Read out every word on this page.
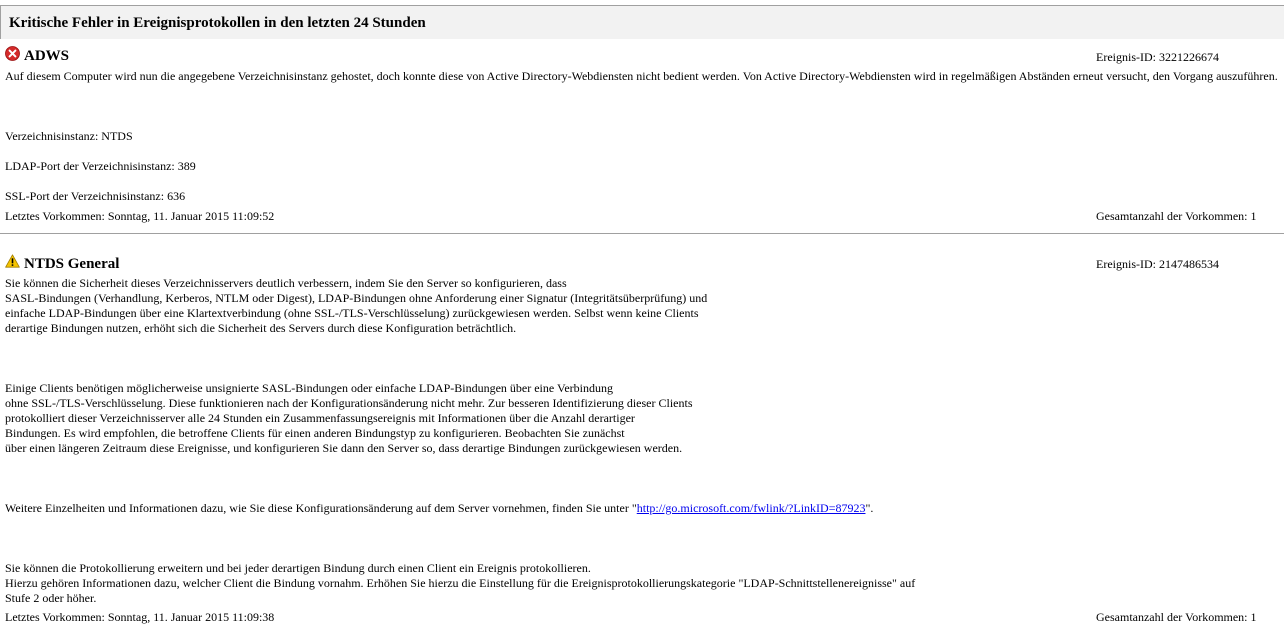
Kritische Fehler in Ereignisprotokollen in den letzten 24 Stunden
ADWS	Ereignis-ID: 3221226674
Auf diesem Computer wird nun die angegebene Verzeichnisinstanz gehostet, doch konnte diese von Active Directory-Webdiensten nicht bedient werden. Von Active Directory-Webdiensten wird in regelmäßigen Abständen erneut versucht, den Vorgang auszuführen.
Verzeichnisinstanz: NTDS
LDAP-Port der Verzeichnisinstanz: 389
SSL-Port der Verzeichnisinstanz: 636
Letztes Vorkommen: Sonntag, 11. Januar 2015 11:09:52	Gesamtanzahl der Vorkommen: 1
NTDS General	Ereignis-ID: 2147486534
Sie können die Sicherheit dieses Verzeichnisservers deutlich verbessern, indem Sie den Server so konfigurieren, dass
SASL-Bindungen (Verhandlung, Kerberos, NTLM oder Digest), LDAP-Bindungen ohne Anforderung einer Signatur (Integritätsüberprüfung) und
einfache LDAP-Bindungen über eine Klartextverbindung (ohne SSL-/TLS-Verschlüsselung) zurückgewiesen werden. Selbst wenn keine Clients
derartige Bindungen nutzen, erhöht sich die Sicherheit des Servers durch diese Konfiguration beträchtlich.
Einige Clients benötigen möglicherweise unsignierte SASL-Bindungen oder einfache LDAP-Bindungen über eine Verbindung
ohne SSL-/TLS-Verschlüsselung. Diese funktionieren nach der Konfigurationsänderung nicht mehr. Zur besseren Identifizierung dieser Clients
protokolliert dieser Verzeichnisserver alle 24 Stunden ein Zusammenfassungsereignis mit Informationen über die Anzahl derartiger
Bindungen. Es wird empfohlen, die betroffene Clients für einen anderen Bindungstyp zu konfigurieren. Beobachten Sie zunächst
über einen längeren Zeitraum diese Ereignisse, und konfigurieren Sie dann den Server so, dass derartige Bindungen zurückgewiesen werden.
Weitere Einzelheiten und Informationen dazu, wie Sie diese Konfigurationsänderung auf dem Server vornehmen, finden Sie unter "http://go.microsoft.com/fwlink/?LinkID=87923".
Sie können die Protokollierung erweitern und bei jeder derartigen Bindung durch einen Client ein Ereignis protokollieren.
Hierzu gehören Informationen dazu, welcher Client die Bindung vornahm. Erhöhen Sie hierzu die Einstellung für die Ereignisprotokollierungskategorie "LDAP-Schnittstellenereignisse" auf
Stufe 2 oder höher.
Letztes Vorkommen: Sonntag, 11. Januar 2015 11:09:38	Gesamtanzahl der Vorkommen: 1
